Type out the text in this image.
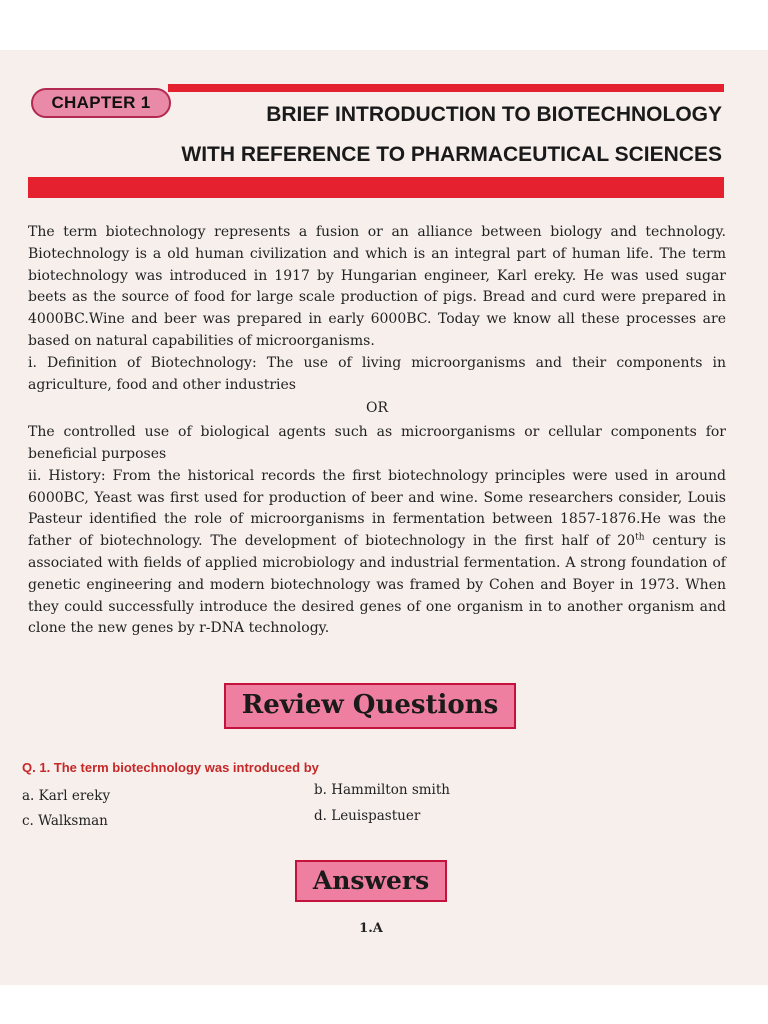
CHAPTER 1
BRIEF INTRODUCTION TO BIOTECHNOLOGY
WITH REFERENCE TO PHARMACEUTICAL SCIENCES

The term biotechnology represents a fusion or an alliance between biology and technology. Biotechnology is a old human civilization and which is an integral part of human life. The term biotechnology was introduced in 1917 by Hungarian engineer, Karl ereky. He was used sugar beets as the source of food for large scale production of pigs. Bread and curd were prepared in 4000BC.Wine and beer was prepared in early 6000BC. Today we know all these processes are based on natural capabilities of microorganisms.

i. Definition of Biotechnology: The use of living microorganisms and their components in agriculture, food and other industries

OR

The controlled use of biological agents such as microorganisms or cellular components for beneficial purposes

ii. History: From the historical records the first biotechnology principles were used in around 6000BC, Yeast was first used for production of beer and wine. Some researchers consider, Louis Pasteur identified the role of microorganisms in fermentation between 1857-1876.He was the father of biotechnology. The development of biotechnology in the first half of 20th century is associated with fields of applied microbiology and industrial fermentation. A strong foundation of genetic engineering and modern biotechnology was framed by Cohen and Boyer in 1973. When they could successfully introduce the desired genes of one organism in to another organism and clone the new genes by r-DNA technology.

Review Questions
Q. 1. The term biotechnology was introduced by
a. Karl ereky	b. Hammilton smith
c. Walksman	d. Leuispastuer
Answers
1.A
